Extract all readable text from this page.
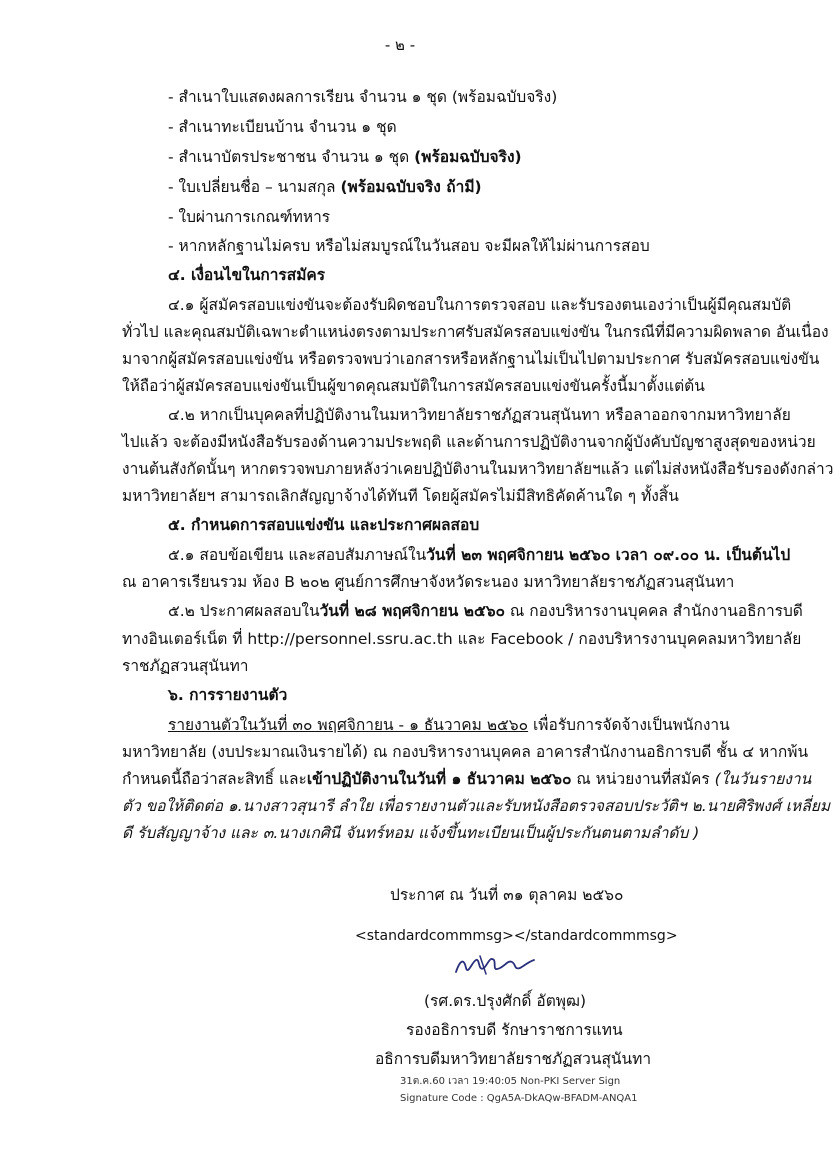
- ๒ -
- สำเนาใบแสดงผลการเรียน จำนวน ๑ ชุด (พร้อมฉบับจริง)
- สำเนาทะเบียนบ้าน จำนวน ๑ ชุด
- สำเนาบัตรประชาชน จำนวน ๑ ชุด (พร้อมฉบับจริง)
- ใบเปลี่ยนชื่อ – นามสกุล (พร้อมฉบับจริง ถ้ามี)
- ใบผ่านการเกณฑ์ทหาร
- หากหลักฐานไม่ครบ หรือไม่สมบูรณ์ในวันสอบ จะมีผลให้ไม่ผ่านการสอบ
๔. เงื่อนไขในการสมัคร
๔.๑ ผู้สมัครสอบแข่งขันจะต้องรับผิดชอบในการตรวจสอบ และรับรองตนเองว่าเป็นผู้มีคุณสมบัติ
ทั่วไป และคุณสมบัติเฉพาะตำแหน่งตรงตามประกาศรับสมัครสอบแข่งขัน ในกรณีที่มีความผิดพลาด อันเนื่อง
มาจากผู้สมัครสอบแข่งขัน หรือตรวจพบว่าเอกสารหรือหลักฐานไม่เป็นไปตามประกาศ รับสมัครสอบแข่งขัน
ให้ถือว่าผู้สมัครสอบแข่งขันเป็นผู้ขาดคุณสมบัติในการสมัครสอบแข่งขันครั้งนี้มาตั้งแต่ต้น
๔.๒ หากเป็นบุคคลที่ปฏิบัติงานในมหาวิทยาลัยราชภัฏสวนสุนันทา หรือลาออกจากมหาวิทยาลัย
ไปแล้ว จะต้องมีหนังสือรับรองด้านความประพฤติ และด้านการปฏิบัติงานจากผู้บังคับบัญชาสูงสุดของหน่วย
งานต้นสังกัดนั้นๆ หากตรวจพบภายหลังว่าเคยปฏิบัติงานในมหาวิทยาลัยฯแล้ว แต่ไม่ส่งหนังสือรับรองดังกล่าว
มหาวิทยาลัยฯ สามารถเลิกสัญญาจ้างได้ทันที โดยผู้สมัครไม่มีสิทธิคัดค้านใด ๆ ทั้งสิ้น
๕. กำหนดการสอบแข่งขัน และประกาศผลสอบ
๕.๑ สอบข้อเขียน และสอบสัมภาษณ์ในวันที่ ๒๓ พฤศจิกายน ๒๕๖๐ เวลา ๐๙.๐๐ น. เป็นต้นไป
ณ อาคารเรียนรวม ห้อง B ๒๐๒ ศูนย์การศึกษาจังหวัดระนอง มหาวิทยาลัยราชภัฏสวนสุนันทา
๕.๒ ประกาศผลสอบในวันที่ ๒๘ พฤศจิกายน ๒๕๖๐ ณ กองบริหารงานบุคคล สำนักงานอธิการบดี
ทางอินเตอร์เน็ต ที่ http://personnel.ssru.ac.th และ Facebook / กองบริหารงานบุคคลมหาวิทยาลัย
ราชภัฏสวนสุนันทา
๖. การรายงานตัว
รายงานตัวในวันที่ ๓๐ พฤศจิกายน - ๑ ธันวาคม ๒๕๖๐ เพื่อรับการจัดจ้างเป็นพนักงาน
มหาวิทยาลัย (งบประมาณเงินรายได้) ณ กองบริหารงานบุคคล อาคารสำนักงานอธิการบดี ชั้น ๔ หากพ้น
กำหนดนี้ถือว่าสละสิทธิ์ และเข้าปฏิบัติงานในวันที่ ๑ ธันวาคม ๒๕๖๐ ณ หน่วยงานที่สมัคร (ในวันรายงาน
ตัว ขอให้ติดต่อ ๑.นางสาวสุนารี ลำใย เพื่อรายงานตัวและรับหนังสือตรวจสอบประวัติฯ ๒.นายศิริพงศ์ เหลี่ยม
ดี รับสัญญาจ้าง และ ๓.นางเกศินี จันทร์หอม แจ้งขึ้นทะเบียนเป็นผู้ประกันตนตามลำดับ )
ประกาศ ณ วันที่ ๓๑ ตุลาคม ๒๕๖๐
<standardcommmsg></standardcommmsg>
(รศ.ดร.ปรุงศักดิ์ อัตพุฒ)
รองอธิการบดี รักษาราชการแทน
อธิการบดีมหาวิทยาลัยราชภัฏสวนสุนันทา
31ต.ค.60 เวลา 19:40:05 Non-PKI Server Sign
Signature Code : QgA5A-DkAQw-BFADM-ANQA1
